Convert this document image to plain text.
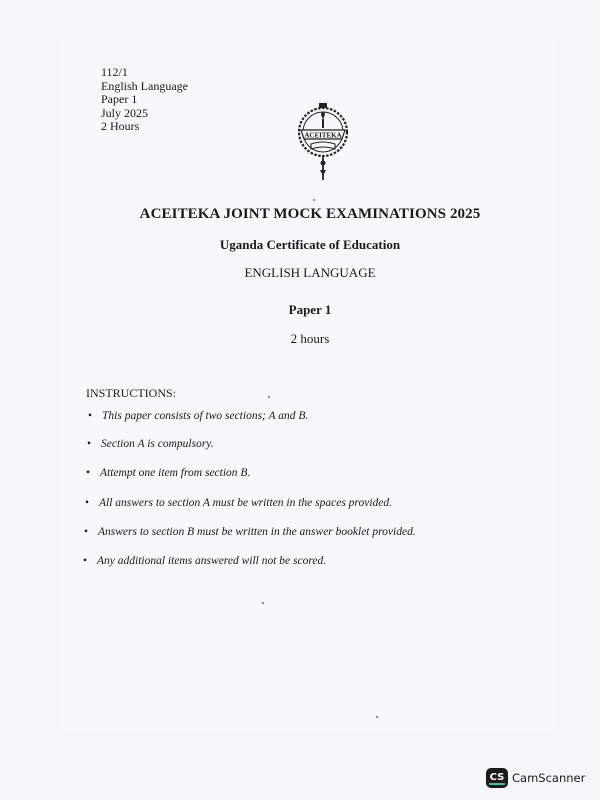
112/1
English Language
Paper 1
July 2025
2 Hours
ACEITEKA
ACEITEKA JOINT MOCK EXAMINATIONS 2025
Uganda Certificate of Education
ENGLISH LANGUAGE
Paper 1
2 hours
INSTRUCTIONS:
• This paper consists of two sections; A and B.
• Section A is compulsory.
• Attempt one item from section B.
• All answers to section A must be written in the spaces provided.
• Answers to section B must be written in the answer booklet provided.
• Any additional items answered will not be scored.
CS CamScanner
